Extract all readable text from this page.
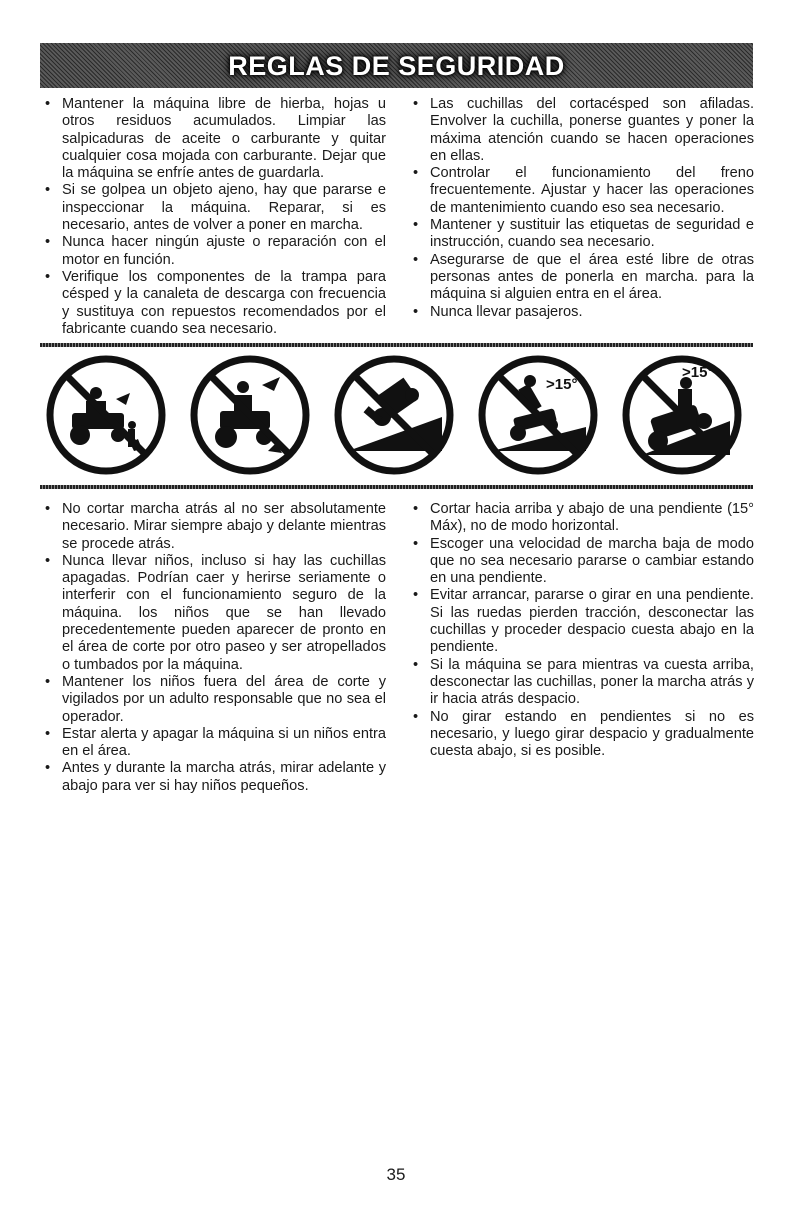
REGLAS DE SEGURIDAD
• Mantener la máquina libre de hierba, hojas u otros residuos acumulados. Limpiar las salpicaduras de aceite o carburante y quitar cualquier cosa mojada con carburante. Dejar que la máquina se enfríe antes de guardarla.
• Si se golpea un objeto ajeno, hay que pararse e inspeccionar la máquina. Reparar, si es necesario, antes de volver a poner en marcha.
• Nunca hacer ningún ajuste o reparación con el motor en función.
• Verifique los componentes de la trampa para césped y la canaleta de descarga con frecuencia y sustituya con repuestos recomendados por el fabricante cuando sea necesario.
• Las cuchillas del cortacésped son afiladas. Envolver la cuchilla, ponerse guantes y poner la máxima atención cuando se hacen operaciones en ellas.
• Controlar el funcionamiento del freno frecuentemente. Ajustar y hacer las operaciones de mantenimiento cuando eso sea necesario.
• Mantener y sustituir las etiquetas de seguridad e instrucción, cuando sea necesario.
• Asegurarse de que el área esté libre de otras personas antes de ponerla en marcha. para la máquina si alguien entra en el área.
• Nunca llevar pasajeros.
>15°
>15°
• No cortar marcha atrás al no ser absolutamente necesario. Mirar siempre abajo y delante mientras se procede atrás.
• Nunca llevar niños, incluso si hay las cuchillas apagadas. Podrían caer y herirse seriamente o interferir con el funcionamiento seguro de la máquina. los niños que se han llevado precedentemente pueden aparecer de pronto en el área de corte por otro paseo y ser atropellados o tumbados por la máquina.
• Mantener los niños fuera del área de corte y vigilados por un adulto responsable que no sea el operador.
• Estar alerta y apagar la máquina si un niños entra en el área.
• Antes y durante la marcha atrás, mirar adelante y abajo para ver si hay niños pequeños.
• Cortar hacia arriba y abajo de una pendiente (15° Máx), no de modo horizontal.
• Escoger una velocidad de marcha baja de modo que no sea necesario pararse o cambiar estando en una pendiente.
• Evitar arrancar, pararse o girar en una pendiente. Si las ruedas pierden tracción, desconectar las cuchillas y proceder despacio cuesta abajo en la pendiente.
• Si la máquina se para mientras va cuesta arriba, desconectar las cuchillas, poner la marcha atrás y ir hacia atrás despacio.
• No girar estando en pendientes si no es necesario, y luego girar despacio y gradualmente cuesta abajo, si es posible.
35
